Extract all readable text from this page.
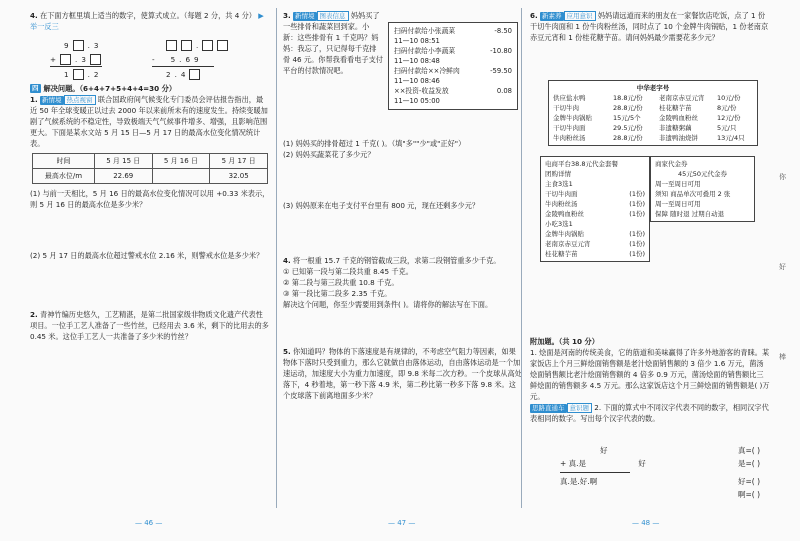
4. 在下面方框里填上适当的数字，使算式成立。（每题 2 分，共 4 分） ▶举一反三

9	. 3
+	. 3
1	. 2
.
- 5 . 6 9
2 . 4

四 解决问题。（6+4+7+5+4+4=30 分）

1. 新情境 热点视窗 联合国政府间气候变化专门委员会评估报告指出，最近 50 年全球变暖正以过去 2000 年以来前所未有的速度发生。持续变暖加剧了气候系统的不稳定性，导致极端天气气候事件增多、增强，且影响范围更大。下面是某水文站 5 月 15 日—5 月 17 日的最高水位变化情况统计表。

时间	5 月 15 日	5 月 16 日	5 月 17 日
最高水位/m	22.69		32.05

(1) 与前一天相比，5 月 16 日的最高水位变化情况可以用 +0.33 米表示，则 5 月 16 日的最高水位是多少米？

(2) 5 月 17 日的最高水位超过警戒水位 2.16 米，则警戒水位是多少米？

2. 青神竹编历史悠久，工艺精湛，是第二批国家级非物质文化遗产代表性项目。一位手工艺人准备了一些竹丝，已经用去 3.6 米，剩下的比用去的多 0.45 米。这位手工艺人一共准备了多少米的竹丝？

— 46 —

3. 新情境 图表信息 妈妈买了一些排骨和蔬菜回到家。小新：这些排骨有 1 千克吗？妈妈：我忘了，只记得每千克排骨 46 元。你帮我看看电子支付平台的付款情况吧。

扫码付款给小张蔬菜	-8.50
11—10 08:51
扫码付款给小李蔬菜	-10.80
11—10 08:48
扫码付款给××冷鲜肉	-59.50
11—10 08:46
××投资-收益发放	0.08
11—10 05:00

(1) 妈妈买的排骨超过 1 千克( )。（填"多""少"或"正好"）

(2) 妈妈买蔬菜花了多少元？

(3) 妈妈原来在电子支付平台里有 800 元，现在还剩多少元？

4. 将一根重 15.7 千克的钢管截成三段，求第二段钢管重多少千克。

① 已知第一段与第二段共重 8.45 千克。

② 第二段与第三段共重 10.8 千克。

③ 第一段比第二段多 2.35 千克。

解决这个问题，你至少需要用到条件( )。请将你的解法写在下面。

5. 你知道吗？物体的下落速度是有规律的，不考虑空气阻力等因素，如果物体下落时只受到重力，那么它就做自由落体运动，自由落体运动是一个加速运动，加速度大小为重力加速度，即 9.8 米每二次方秒。一个皮球从高处落下，4 秒着地，第一秒下落 4.9 米，第二秒比第一秒多下落 9.8 米。这个皮球落下前离地面多少米？

— 47 —

6. 新素养 应用意识 妈妈请远道而来的朋友在一家餐饮店吃饭，点了 1 份干切牛肉面和 1 份牛肉粉丝汤，同时点了 10 个金牌牛肉锅贴，1 份老南京赤豆元宵和 1 份桂花糖芋苗。请问妈妈最少需要花多少元？

中华老字号
供应盐水鸭	18.8元/份	老南京赤豆元宵	10元/份
干切牛肉	28.8元/份	桂花糖芋苗	8元/份
金牌牛肉锅贴	15元/5个	金陵鸭血粉丝	12元/份
干切牛肉面	29.5元/份	非遗糖粥藕	5元/只
牛肉粉丝汤	28.8元/份	非遗鸭油烧饼	13元/4只
电商平台38.8元代金套餐
团购详情
主食3选1
干切牛肉面	(1份)
牛肉粉丝汤	(1份)
金陵鸭血粉丝	(1份)
小吃3选1
金牌牛肉锅贴	(1份)
老南京赤豆元宵	(1份)
桂花糖芋苗	(1份)
商家代金券
45元50元代金券
周一至周日可用
须知 商品单次可叠用 2 张
周一至周日可用
保障 随时退 过期自动退

附加题。（共 10 分）

1. 烩面是河南的传统美食，它的筋道和美味赢得了许多外地游客的青睐。某家饭店上个月三鲜烩面销售额是老汁烩面销售额的 3 倍少 1.6 万元，菌汤烩面销售额比老汁烩面销售额的 4 倍多 0.9 万元，菌汤烩面的销售额比三鲜烩面的销售额多 4.5 万元。那么这家饭店这个月三鲜烩面的销售额是( )万元。

思路直通车 意识题 2. 下面的算式中不同汉字代表不同的数字，相同汉字代表相同的数字。写出每个汉字代表的数。

好	真=( )
+ 真.是	好	是=( )
真.是.好.啊	好=( )
啊=( )
— 48 —
你
好
棒
